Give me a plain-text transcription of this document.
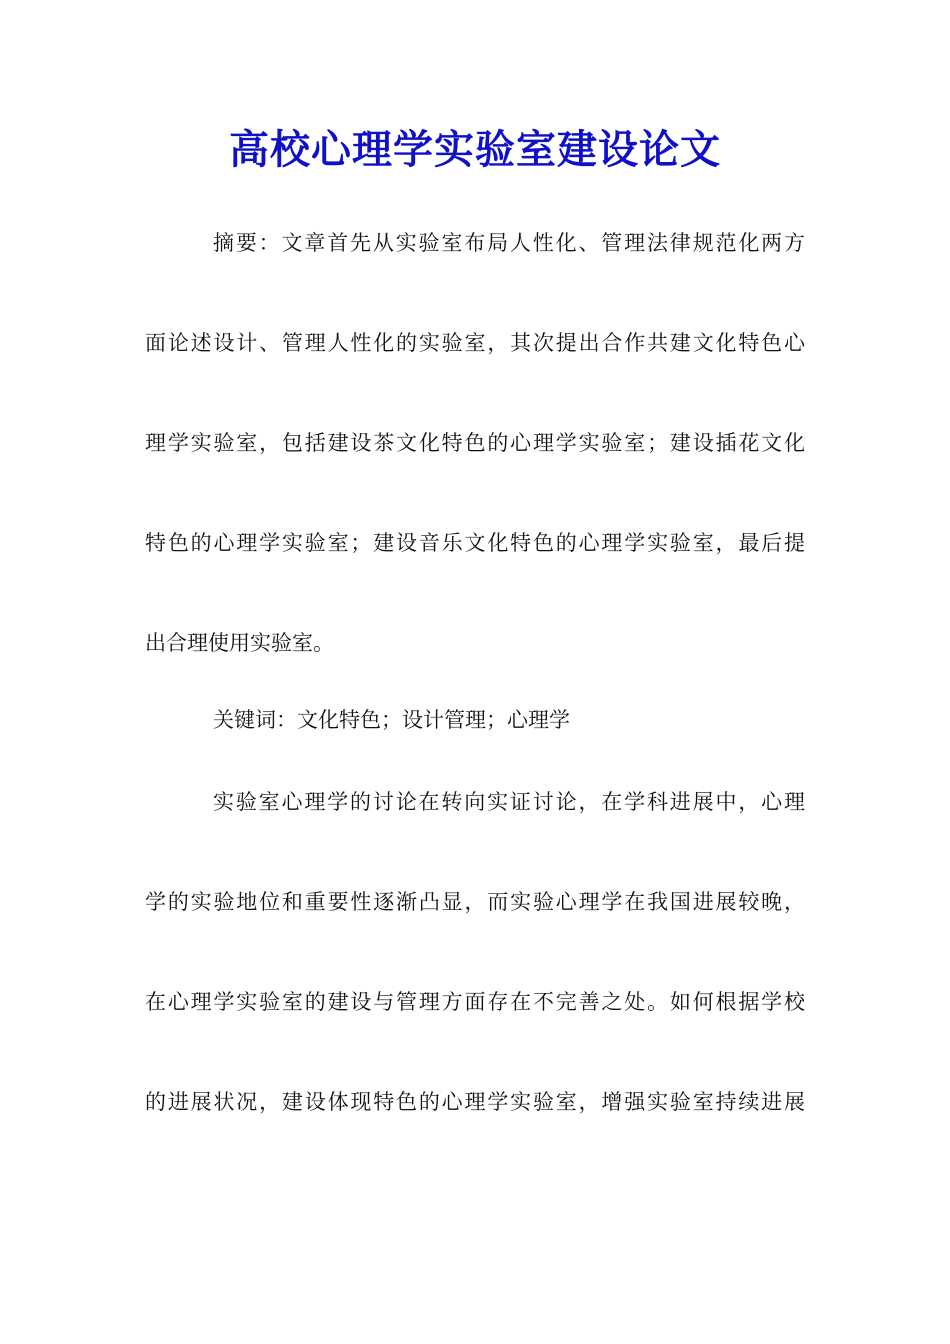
高校心理学实验室建设论文
摘要：文章首先从实验室布局人性化、管理法律规范化两方
面论述设计、管理人性化的实验室，其次提出合作共建文化特色心
理学实验室，包括建设茶文化特色的心理学实验室；建设插花文化
特色的心理学实验室；建设音乐文化特色的心理学实验室，最后提
出合理使用实验室。

关键词：文化特色；设计管理；心理学

实验室心理学的讨论在转向实证讨论，在学科进展中，心理
学的实验地位和重要性逐渐凸显，而实验心理学在我国进展较晚，
在心理学实验室的建设与管理方面存在不完善之处。如何根据学校
的进展状况，建设体现特色的心理学实验室，增强实验室持续进展
